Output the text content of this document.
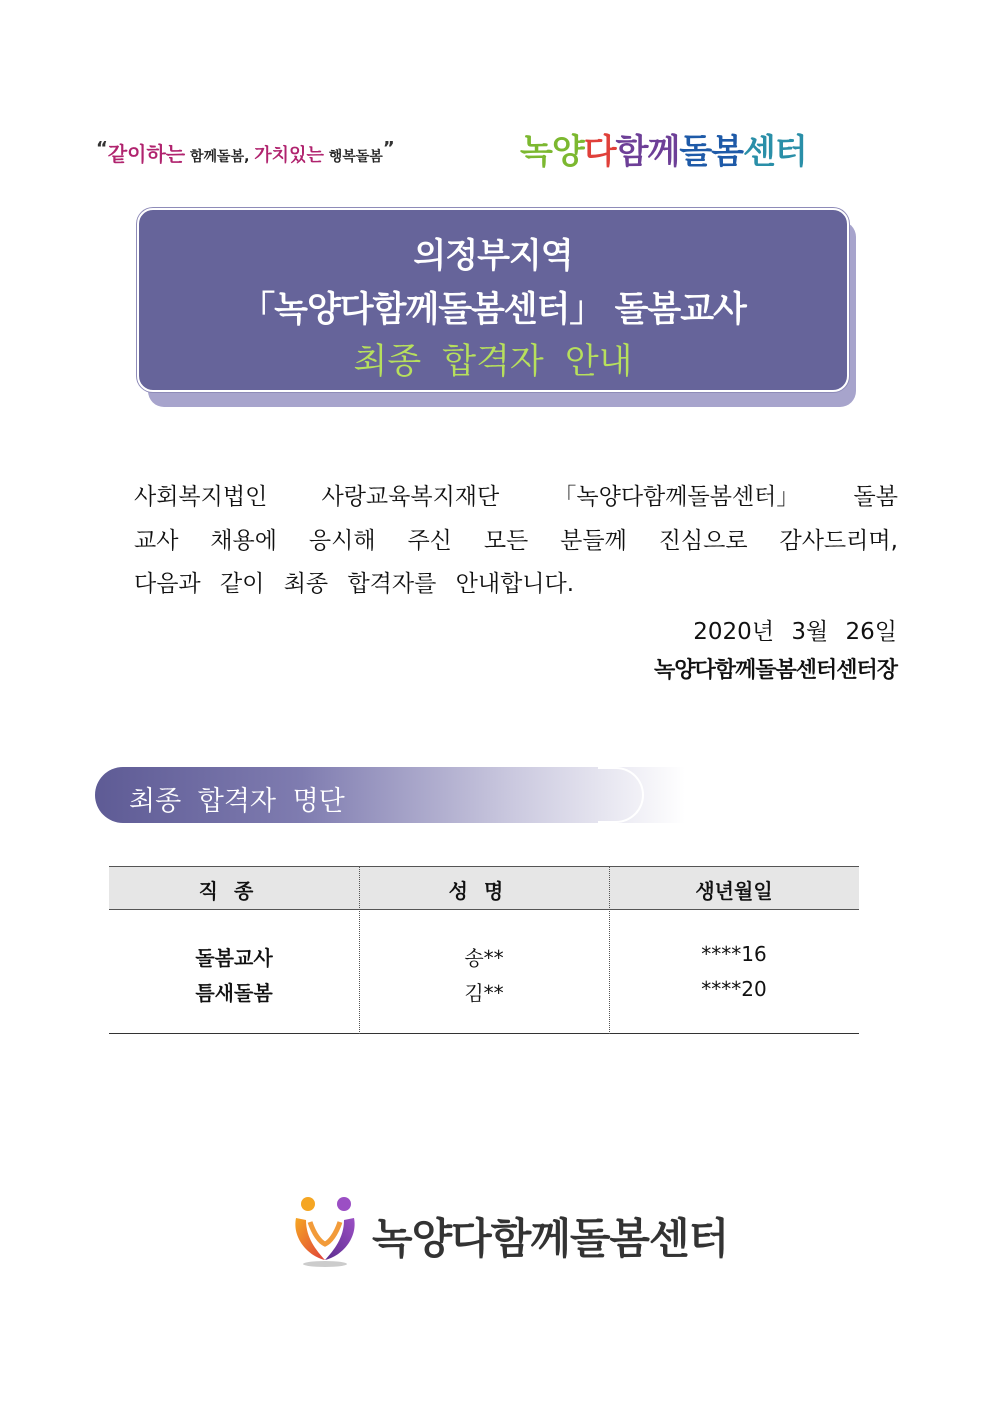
“같이하는 함께돌봄, 가치있는 행복돌봄”	녹양다함께돌봄센터
의정부지역
「녹양다함께돌봄센터」 돌봄교사
최종 합격자 안내
사회복지법인 사랑교육복지재단 「녹양다함께돌봄센터」 돌봄
교사 채용에 응시해 주신 모든 분들께 진심으로 감사드리며,
다음과 같이 최종 합격자를 안내합니다.
2020년 3월 26일
녹양다함께돌봄센터센터장
최종 합격자 명단
직종	성명	생년월일
돌봄교사	송**	****16
틈새돌봄	김**	****20
녹양다함께돌봄센터
